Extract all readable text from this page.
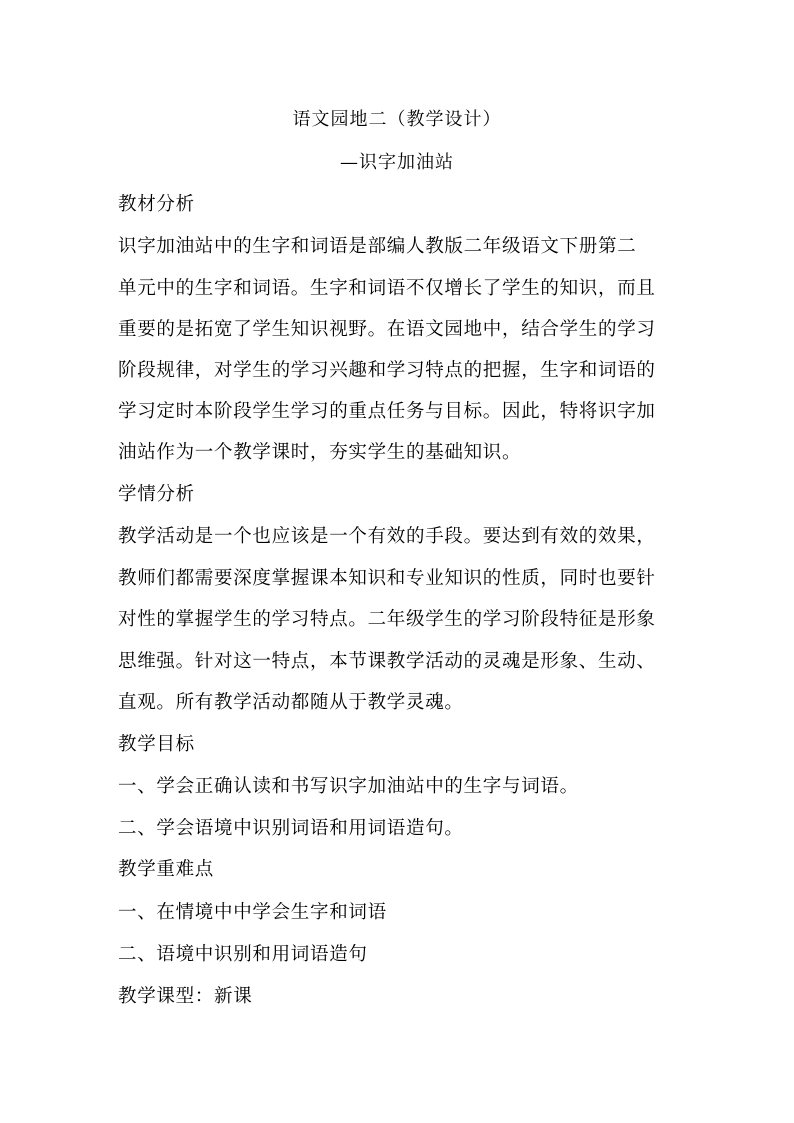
语文园地二（教学设计）
—识字加油站
教材分析
识字加油站中的生字和词语是部编人教版二年级语文下册第二
单元中的生字和词语。生字和词语不仅增长了学生的知识，而且
重要的是拓宽了学生知识视野。在语文园地中，结合学生的学习
阶段规律，对学生的学习兴趣和学习特点的把握，生字和词语的
学习定时本阶段学生学习的重点任务与目标。因此，特将识字加
油站作为一个教学课时，夯实学生的基础知识。
学情分析
教学活动是一个也应该是一个有效的手段。要达到有效的效果，
教师们都需要深度掌握课本知识和专业知识的性质，同时也要针
对性的掌握学生的学习特点。二年级学生的学习阶段特征是形象
思维强。针对这一特点，本节课教学活动的灵魂是形象、生动、
直观。所有教学活动都随从于教学灵魂。
教学目标
一、学会正确认读和书写识字加油站中的生字与词语。
二、学会语境中识别词语和用词语造句。
教学重难点
一、在情境中中学会生字和词语
二、语境中识别和用词语造句
教学课型：新课
